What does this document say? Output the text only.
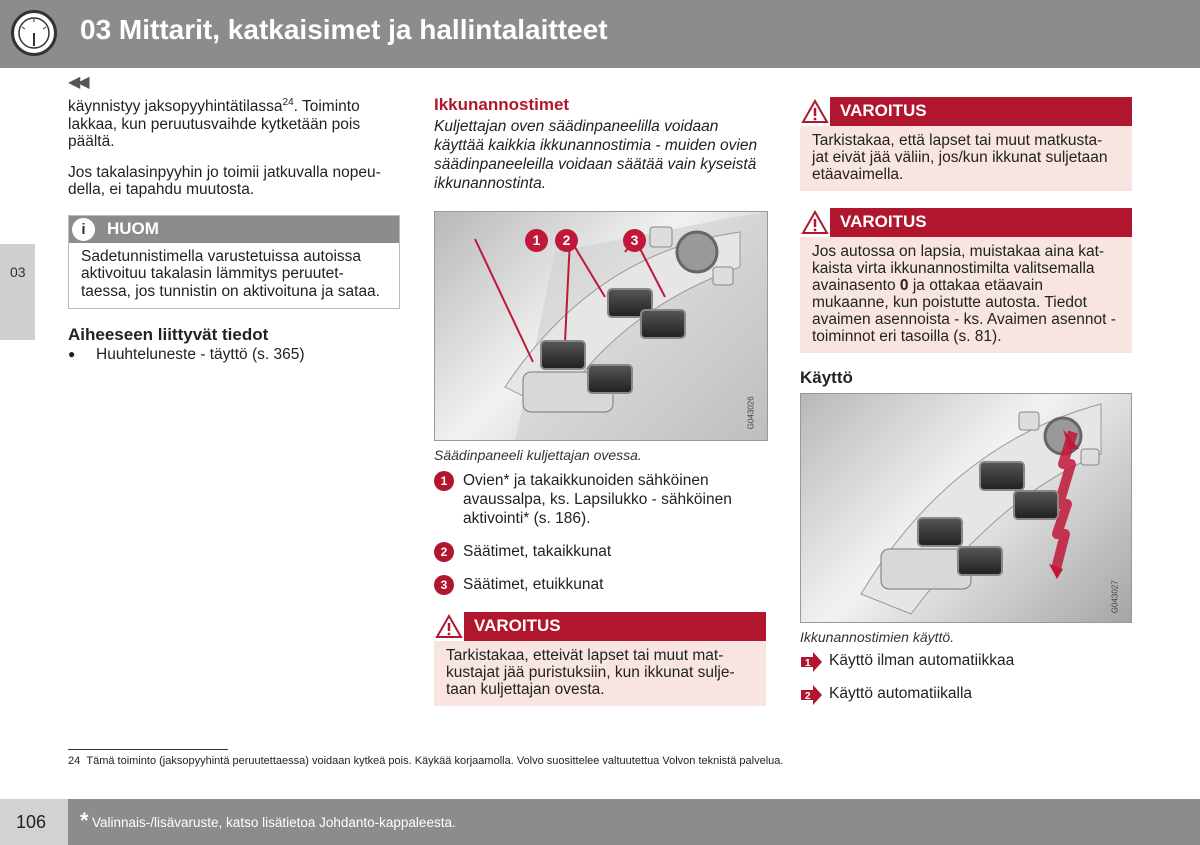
03 Mittarit, katkaisimet ja hallintalaitteet
03
◀◀

käynnistyy jaksopyyhintätilassa$^{24}$. Toiminto lakkaa, kun peruutusvaihde kytketään pois päältä.

Jos takalasinpyyhin jo toimii jatkuvalla nopeu- della, ei tapahdu muutosta.

i	HUOM
Sadetunnistimella varustetuissa autoissa aktivoituu takalasin lämmitys peruutet- taessa, jos tunnistin on aktivoituna ja sataa.
Aiheeseen liittyvät tiedot
● Huuhteluneste - täyttö (s. 365)
Ikkunannostimet

Kuljettajan oven säädinpaneelilla voidaan käyttää kaikkia ikkunannostimia - muiden ovien säädinpaneeleilla voidaan säätää vain kyseistä ikkunannostinta.

1	2	3
G043026

Säädinpaneeli kuljettajan ovessa.

1	Ovien* ja takaikkunoiden sähköinen avaussalpa, ks. Lapsilukko - sähköinen aktivointi* (s. 186).
2	Säätimet, takaikkunat
3	Säätimet, etuikkunat
VAROITUS
Tarkistakaa, etteivät lapset tai muut mat- kustajat jää puristuksiin, kun ikkunat sulje- taan kuljettajan ovesta.
VAROITUS
Tarkistakaa, että lapset tai muut matkusta- jat eivät jää väliin, jos/kun ikkunat suljetaan etäavaimella.
VAROITUS
Jos autossa on lapsia, muistakaa aina kat- kaista virta ikkunannostimilta valitsemalla avainasento 0 ja ottakaa etäavain mukaanne, kun poistutte autosta. Tiedot avaimen asennoista - ks. Avaimen asennot - toiminnot eri tasoilla (s. 81).
Käyttö
G043027

Ikkunannostimien käyttö.

1 Käyttö ilman automatiikkaa
2 Käyttö automatiikalla
24 Tämä toiminto (jaksopyyhintä peruutettaessa) voidaan kytkeä pois. Käykää korjaamolla. Volvo suosittelee valtuutettua Volvon teknistä palvelua.
106	* Valinnais-/lisävaruste, katso lisätietoa Johdanto-kappaleesta.
